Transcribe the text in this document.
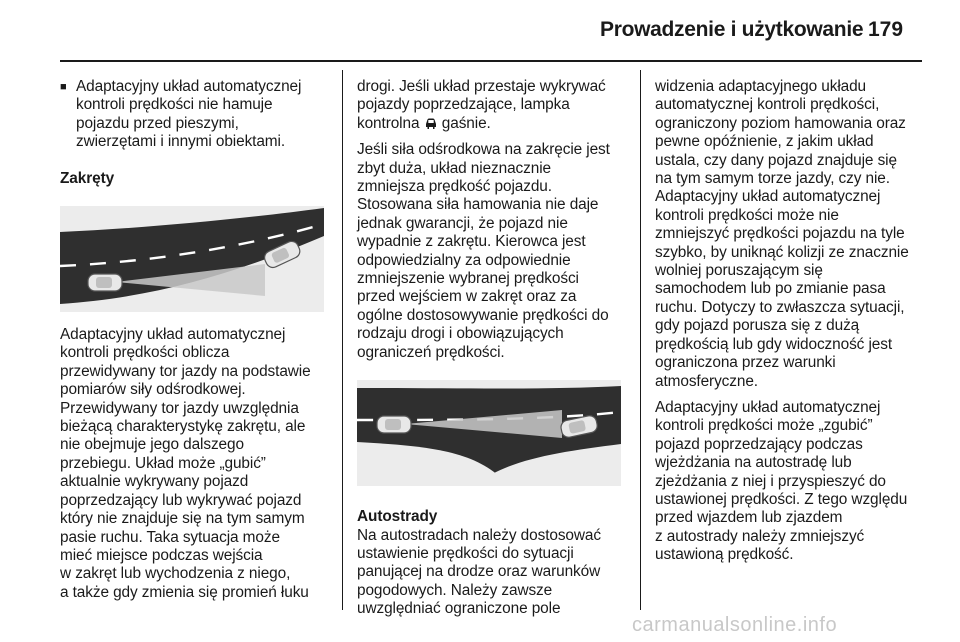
Prowadzenie i użytkowanie 179
■ Adaptacyjny układ automatycznej

kontroli prędkości nie hamuje

pojazdu przed pieszymi,

zwierzętami i innymi obiektami.

Zakręty

Adaptacyjny układ automatycznej

kontroli prędkości oblicza

przewidywany tor jazdy na podstawie

pomiarów siły odśrodkowej.

Przewidywany tor jazdy uwzględnia

bieżącą charakterystykę zakrętu, ale

nie obejmuje jego dalszego

przebiegu. Układ może „gubić”

aktualnie wykrywany pojazd

poprzedzający lub wykrywać pojazd

który nie znajduje się na tym samym

pasie ruchu. Taka sytuacja może

mieć miejsce podczas wejścia

w zakręt lub wychodzenia z niego,

a także gdy zmienia się promień łuku

drogi. Jeśli układ przestaje wykrywać

pojazdy poprzedzające, lampka

kontrolna gaśnie.

Jeśli siła odśrodkowa na zakręcie jest

zbyt duża, układ nieznacznie

zmniejsza prędkość pojazdu.

Stosowana siła hamowania nie daje

jednak gwarancji, że pojazd nie

wypadnie z zakrętu. Kierowca jest

odpowiedzialny za odpowiednie

zmniejszenie wybranej prędkości

przed wejściem w zakręt oraz za

ogólne dostosowywanie prędkości do

rodzaju drogi i obowiązujących

ograniczeń prędkości.

Autostrady

Na autostradach należy dostosować

ustawienie prędkości do sytuacji

panującej na drodze oraz warunków

pogodowych. Należy zawsze

uwzględniać ograniczone pole

widzenia adaptacyjnego układu

automatycznej kontroli prędkości,

ograniczony poziom hamowania oraz

pewne opóźnienie, z jakim układ

ustala, czy dany pojazd znajduje się

na tym samym torze jazdy, czy nie.

Adaptacyjny układ automatycznej

kontroli prędkości może nie

zmniejszyć prędkości pojazdu na tyle

szybko, by uniknąć kolizji ze znacznie

wolniej poruszającym się

samochodem lub po zmianie pasa

ruchu. Dotyczy to zwłaszcza sytuacji,

gdy pojazd porusza się z dużą

prędkością lub gdy widoczność jest

ograniczona przez warunki

atmosferyczne.

Adaptacyjny układ automatycznej

kontroli prędkości może „zgubić”

pojazd poprzedzający podczas

wjeżdżania na autostradę lub

zjeżdżania z niej i przyspieszyć do

ustawionej prędkości. Z tego względu

przed wjazdem lub zjazdem

z autostrady należy zmniejszyć

ustawioną prędkość.

carmanualsonline.info
